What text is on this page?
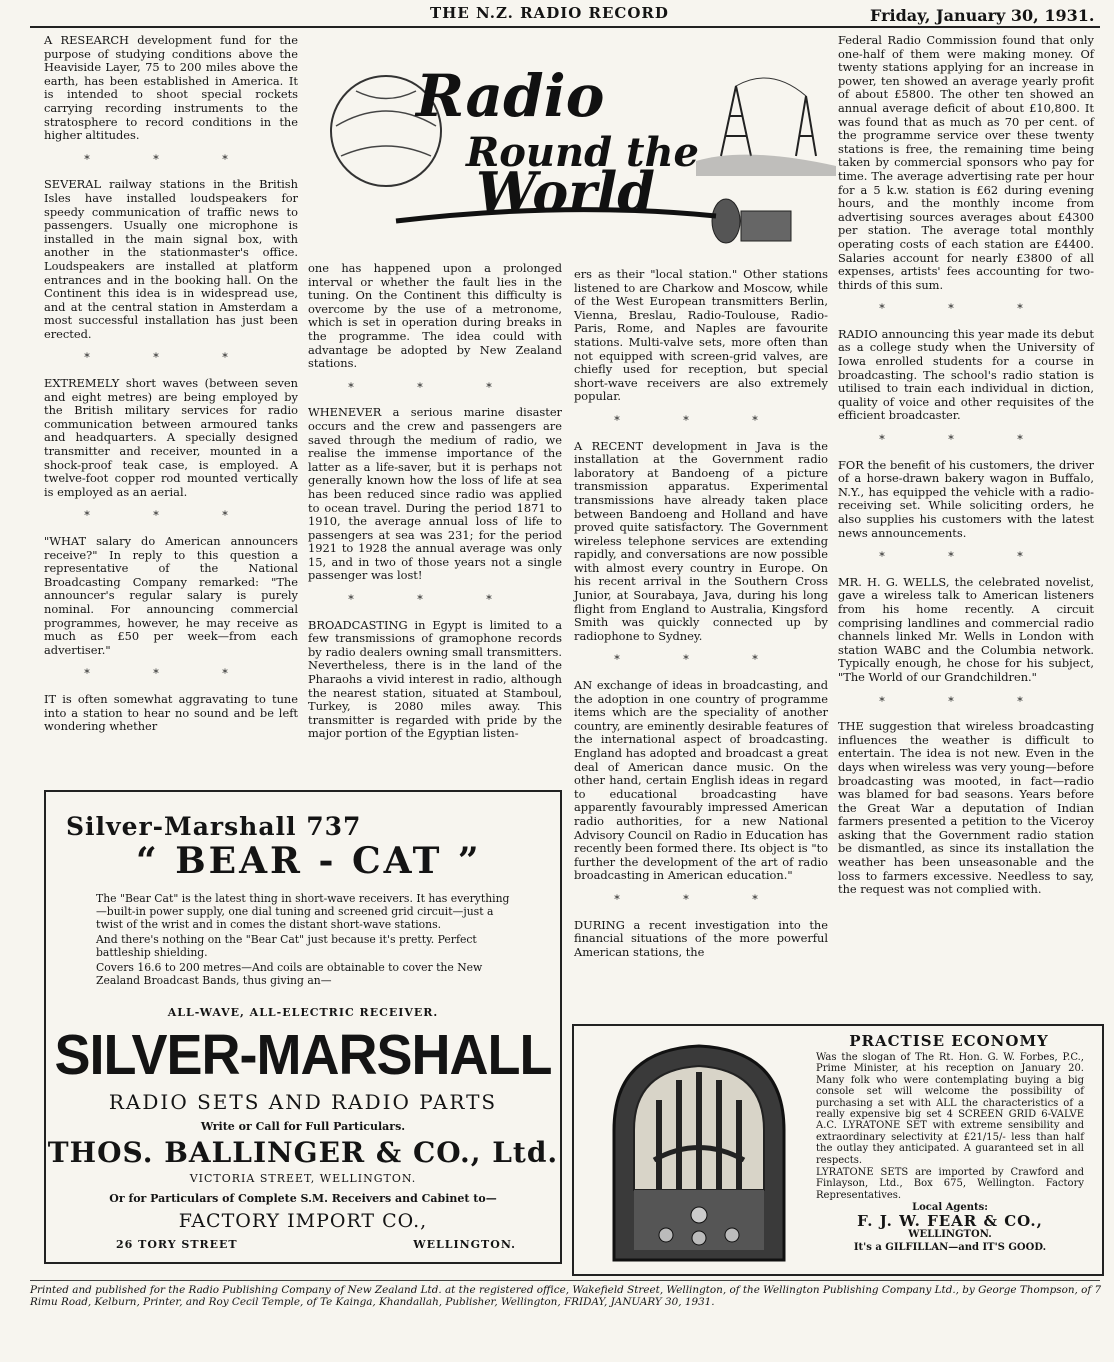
THE N.Z. RADIO RECORD	Friday, January 30, 1931.
Radio
Round the
World

A RESEARCH development fund for the purpose of studying conditions above the Heaviside Layer, 75 to 200 miles above the earth, has been established in America. It is intended to shoot special rockets carrying recording instruments to the stratosphere to record conditions in the higher altitudes.

* * *

SEVERAL railway stations in the British Isles have installed loudspeakers for speedy communication of traffic news to passengers. Usually one microphone is installed in the main signal box, with another in the stationmaster's office. Loudspeakers are installed at platform entrances and in the booking hall. On the Continent this idea is in widespread use, and at the central station in Amsterdam a most successful installation has just been erected.

* * *

EXTREMELY short waves (between seven and eight metres) are being employed by the British military services for radio communication between armoured tanks and headquarters. A specially designed transmitter and receiver, mounted in a shock-proof teak case, is employed. A twelve-foot copper rod mounted vertically is employed as an aerial.

* * *

"WHAT salary do American announcers receive?" In reply to this question a representative of the National Broadcasting Company remarked: "The announcer's regular salary is purely nominal. For announcing commercial programmes, however, he may receive as much as £50 per week—from each advertiser."

* * *

IT is often somewhat aggravating to tune into a station to hear no sound and be left wondering whether

one has happened upon a prolonged interval or whether the fault lies in the tuning. On the Continent this difficulty is overcome by the use of a metronome, which is set in operation during breaks in the programme. The idea could with advantage be adopted by New Zealand stations.

* * *

WHENEVER a serious marine disaster occurs and the crew and passengers are saved through the medium of radio, we realise the immense importance of the latter as a life-saver, but it is perhaps not generally known how the loss of life at sea has been reduced since radio was applied to ocean travel. During the period 1871 to 1910, the average annual loss of life to passengers at sea was 231; for the period 1921 to 1928 the annual average was only 15, and in two of those years not a single passenger was lost!

* * *

BROADCASTING in Egypt is limited to a few transmissions of gramophone records by radio dealers owning small transmitters. Nevertheless, there is in the land of the Pharaohs a vivid interest in radio, although the nearest station, situated at Stamboul, Turkey, is 2080 miles away. This transmitter is regarded with pride by the major portion of the Egyptian listen-

ers as their "local station." Other stations listened to are Charkow and Moscow, while of the West European transmitters Berlin, Vienna, Breslau, Radio-Toulouse, Radio-Paris, Rome, and Naples are favourite stations. Multi-valve sets, more often than not equipped with screen-grid valves, are chiefly used for reception, but special short-wave receivers are also extremely popular.

* * *

A RECENT development in Java is the installation at the Government radio laboratory at Bandoeng of a picture transmission apparatus. Experimental transmissions have already taken place between Bandoeng and Holland and have proved quite satisfactory. The Government wireless telephone services are extending rapidly, and conversations are now possible with almost every country in Europe. On his recent arrival in the Southern Cross Junior, at Sourabaya, Java, during his long flight from England to Australia, Kingsford Smith was quickly connected up by radiophone to Sydney.

* * *

AN exchange of ideas in broadcasting, and the adoption in one country of programme items which are the speciality of another country, are eminently desirable features of the international aspect of broadcasting. England has adopted and broadcast a great deal of American dance music. On the other hand, certain English ideas in regard to educational broadcasting have apparently favourably impressed American radio authorities, for a new National Advisory Council on Radio in Education has recently been formed there. Its object is "to further the development of the art of radio broadcasting in American education."

* * *

DURING a recent investigation into the financial situations of the more powerful American stations, the

Federal Radio Commission found that only one-half of them were making money. Of twenty stations applying for an increase in power, ten showed an average yearly profit of about £5800. The other ten showed an annual average deficit of about £10,800. It was found that as much as 70 per cent. of the programme service over these twenty stations is free, the remaining time being taken by commercial sponsors who pay for time. The average advertising rate per hour for a 5 k.w. station is £62 during evening hours, and the monthly income from advertising sources averages about £4300 per station. The average total monthly operating costs of each station are £4400. Salaries account for nearly £3800 of all expenses, artists' fees accounting for two-thirds of this sum.

* * *

RADIO announcing this year made its debut as a college study when the University of Iowa enrolled students for a course in broadcasting. The school's radio station is utilised to train each individual in diction, quality of voice and other requisites of the efficient broadcaster.

* * *

FOR the benefit of his customers, the driver of a horse-drawn bakery wagon in Buffalo, N.Y., has equipped the vehicle with a radio-receiving set. While soliciting orders, he also supplies his customers with the latest news announcements.

* * *

MR. H. G. WELLS, the celebrated novelist, gave a wireless talk to American listeners from his home recently. A circuit comprising landlines and commercial radio channels linked Mr. Wells in London with station WABC and the Columbia network. Typically enough, he chose for his subject, "The World of our Grandchildren."

* * *

THE suggestion that wireless broadcasting influences the weather is difficult to entertain. The idea is not new. Even in the days when wireless was very young—before broadcasting was mooted, in fact—radio was blamed for bad seasons. Years before the Great War a deputation of Indian farmers presented a petition to the Viceroy asking that the Government radio station be dismantled, as since its installation the weather has been unseasonable and the loss to farmers excessive. Needless to say, the request was not complied with.

Silver-Marshall 737
“ BEAR - CAT ”

The "Bear Cat" is the latest thing in short-wave receivers. It has everything—built-in power supply, one dial tuning and screened grid circuit—just a twist of the wrist and in comes the distant short-wave stations.

And there's nothing on the "Bear Cat" just because it's pretty. Perfect battleship shielding.

Covers 16.6 to 200 metres—And coils are obtainable to cover the New Zealand Broadcast Bands, thus giving an—

ALL-WAVE, ALL-ELECTRIC RECEIVER.
SILVER-MARSHALL
RADIO SETS AND RADIO PARTS
Write or Call for Full Particulars.
THOS. BALLINGER & CO., Ltd.
VICTORIA STREET, WELLINGTON.
Or for Particulars of Complete S.M. Receivers and Cabinet to—
FACTORY IMPORT CO.,
26 TORY STREET	WELLINGTON.
PRACTISE ECONOMY

Was the slogan of The Rt. Hon. G. W. Forbes, P.C., Prime Minister, at his reception on January 20. Many folk who were contemplating buying a big console set will welcome the possibility of purchasing a set with ALL the characteristics of a really expensive big set 4 SCREEN GRID 6-VALVE A.C. LYRATONE SET with extreme sensibility and extraordinary selectivity at £21/15/- less than half the outlay they anticipated. A guaranteed set in all respects.

LYRATONE SETS are imported by Crawford and Finlayson, Ltd., Box 675, Wellington. Factory Representatives.

Local Agents:

F. J. W. FEAR & CO.,

WELLINGTON.

It's a GILFILLAN—and IT'S GOOD.

Printed and published for the Radio Publishing Company of New Zealand Ltd. at the registered office, Wakefield Street, Wellington, of the Wellington Publishing Company Ltd., by George Thompson, of 7 Rimu Road, Kelburn, Printer, and Roy Cecil Temple, of Te Kainga, Khandallah, Publisher, Wellington, FRIDAY, JANUARY 30, 1931.
